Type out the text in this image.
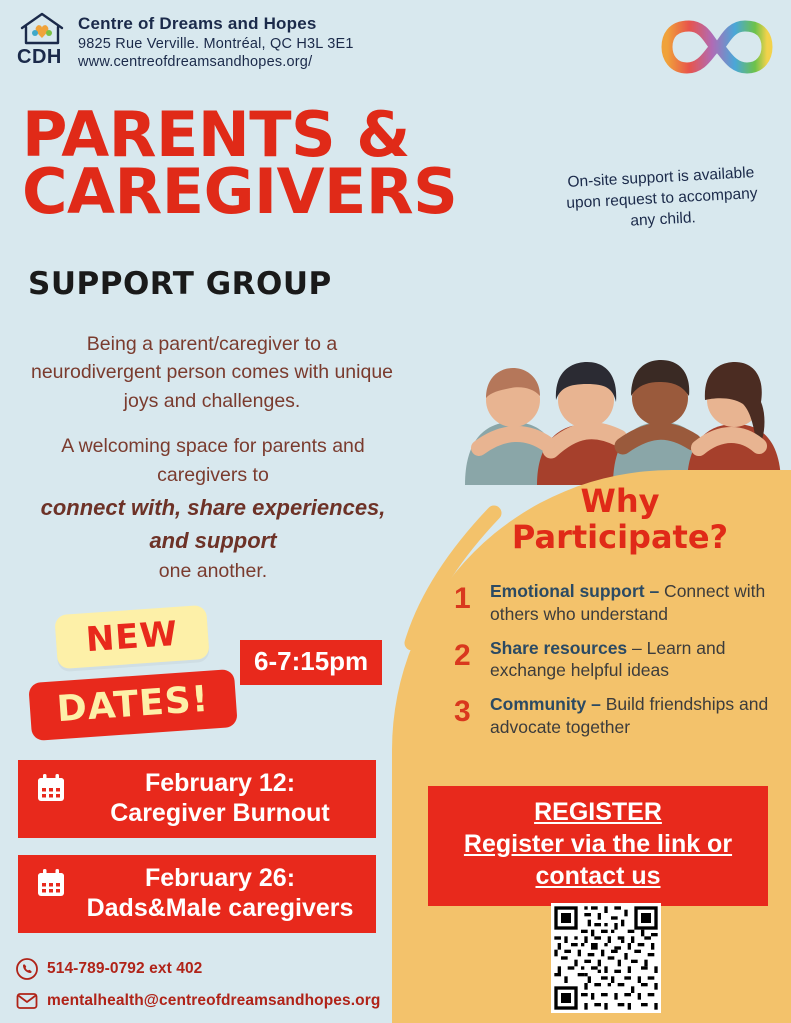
CDH
Centre of Dreams and Hopes
9825 Rue Verville. Montréal, QC H3L 3E1
www.centreofdreamsandhopes.org/
PARENTS &
CAREGIVERS
SUPPORT GROUP
On-site support is available upon request to accompany any child.
Being a parent/caregiver to a neurodivergent person comes with unique joys and challenges.
A welcoming space for parents and caregivers to
connect with, share experiences, and support
one another.
Why
Participate?
1 Emotional support – Connect with others who understand
2 Share resources – Learn and exchange helpful ideas
3 Community – Build friendships and advocate together
REGISTER
Register via the link or
contact us
NEW
DATES!
6-7:15pm
February 12:
Caregiver Burnout
February 26:
Dads&Male caregivers
514-789-0792 ext 402
mentalhealth@centreofdreamsandhopes.org
